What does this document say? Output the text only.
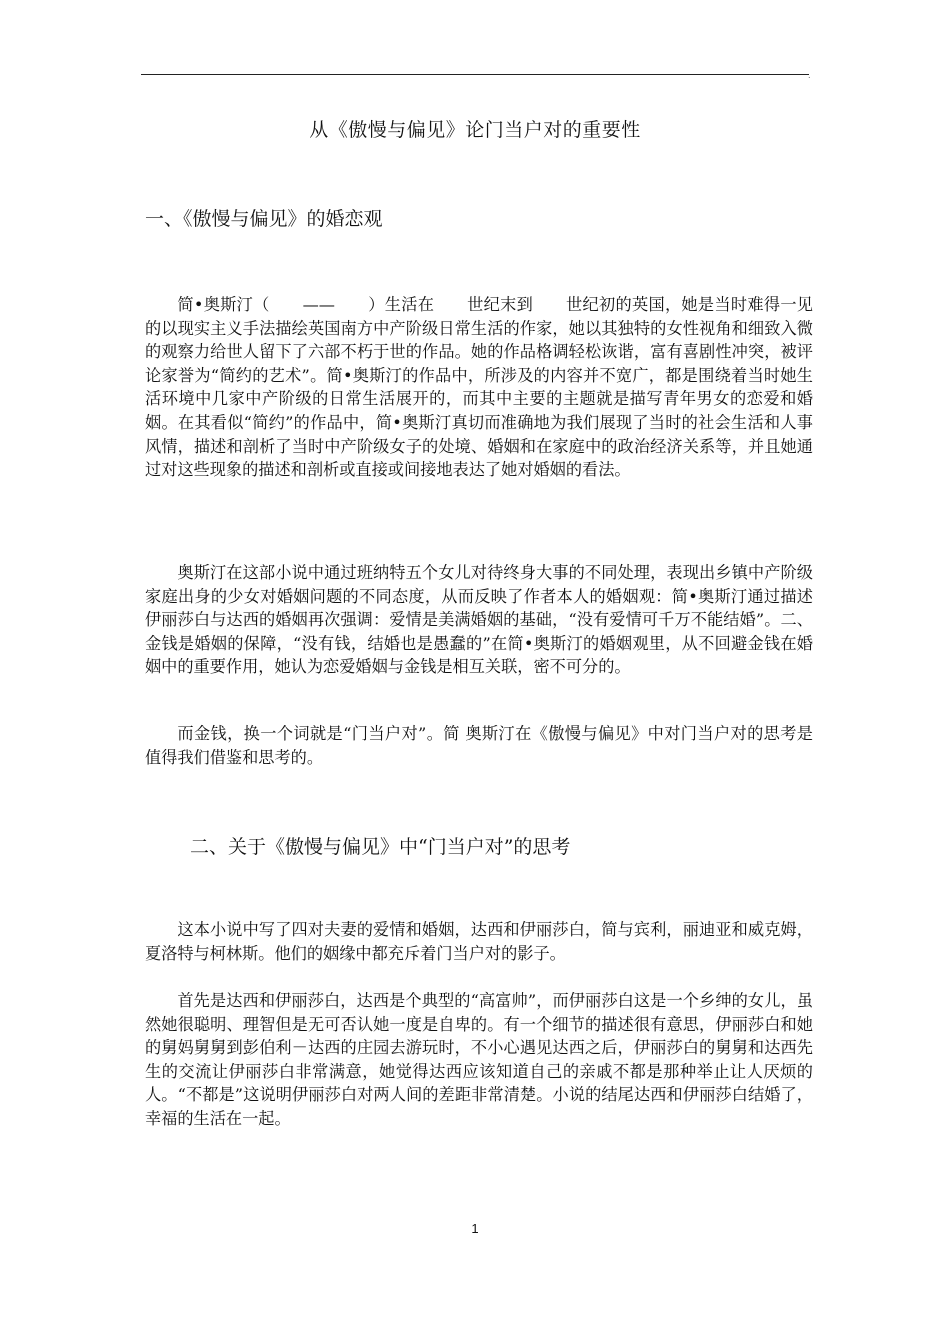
.
从《傲慢与偏见》论门当户对的重要性
一、《傲慢与偏见》的婚恋观

简•奥斯汀（　　——　　）生活在　　世纪末到　　世纪初的英国，她是当时难得一见的以现实主义手法描绘英国南方中产阶级日常生活的作家，她以其独特的女性视角和细致入微的观察力给世人留下了六部不朽于世的作品。她的作品格调轻松诙谐，富有喜剧性冲突，被评论家誉为“简约的艺术”。简•奥斯汀的作品中，所涉及的内容并不宽广，都是围绕着当时她生活环境中几家中产阶级的日常生活展开的，而其中主要的主题就是描写青年男女的恋爱和婚姻。在其看似“简约”的作品中，简•奥斯汀真切而准确地为我们展现了当时的社会生活和人事风情，描述和剖析了当时中产阶级女子的处境、婚姻和在家庭中的政治经济关系等，并且她通过对这些现象的描述和剖析或直接或间接地表达了她对婚姻的看法。

奥斯汀在这部小说中通过班纳特五个女儿对待终身大事的不同处理，表现出乡镇中产阶级家庭出身的少女对婚姻问题的不同态度，从而反映了作者本人的婚姻观：简•奥斯汀通过描述伊丽莎白与达西的婚姻再次强调：爱情是美满婚姻的基础，“没有爱情可千万不能结婚”。二、金钱是婚姻的保障，“没有钱，结婚也是愚蠢的”在简•奥斯汀的婚姻观里，从不回避金钱在婚姻中的重要作用，她认为恋爱婚姻与金钱是相互关联，密不可分的。

而金钱，换一个词就是“门当户对”。简 奥斯汀在《傲慢与偏见》中对门当户对的思考是值得我们借鉴和思考的。

二、关于《傲慢与偏见》中“门当户对”的思考

这本小说中写了四对夫妻的爱情和婚姻，达西和伊丽莎白，简与宾利，丽迪亚和威克姆，夏洛特与柯林斯。他们的姻缘中都充斥着门当户对的影子。

首先是达西和伊丽莎白，达西是个典型的“高富帅”，而伊丽莎白这是一个乡绅的女儿，虽然她很聪明、理智但是无可否认她一度是自卑的。有一个细节的描述很有意思，伊丽莎白和她的舅妈舅舅到彭伯利－达西的庄园去游玩时，不小心遇见达西之后，伊丽莎白的舅舅和达西先生的交流让伊丽莎白非常满意，她觉得达西应该知道自己的亲戚不都是那种举止让人厌烦的人。“不都是”这说明伊丽莎白对两人间的差距非常清楚。小说的结尾达西和伊丽莎白结婚了，幸福的生活在一起。

1
